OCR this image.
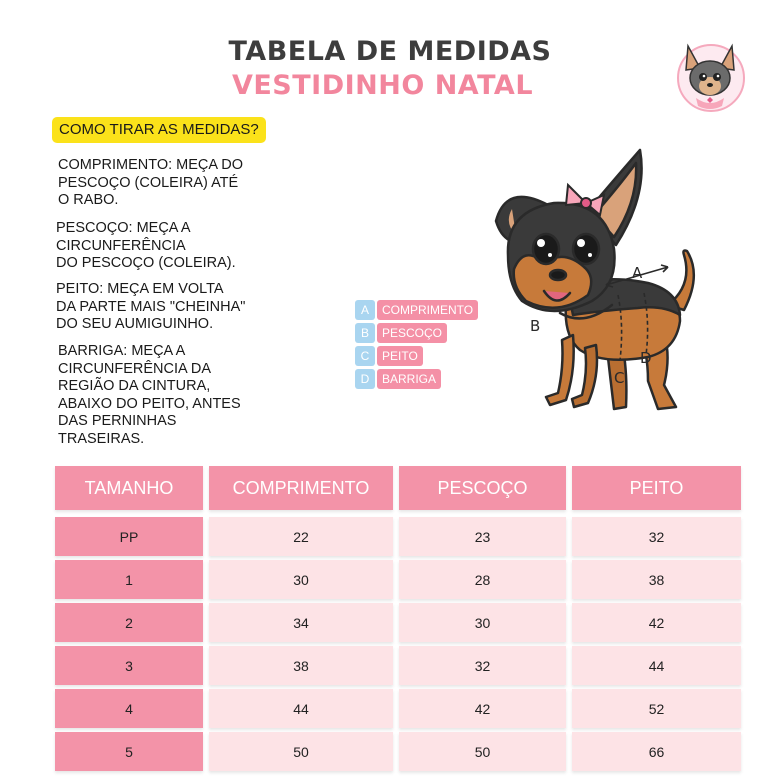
TABELA DE MEDIDAS
VESTIDINHO NATAL
COMO TIRAR AS MEDIDAS?
COMPRIMENTO: MEÇA DO
PESCOÇO (COLEIRA) ATÉ
O RABO.
PESCOÇO: MEÇA A
CIRCUNFERÊNCIA
DO PESCOÇO (COLEIRA).
PEITO: MEÇA EM VOLTA
DA PARTE MAIS "CHEINHA"
DO SEU AUMIGUINHO.
BARRIGA: MEÇA A
CIRCUNFERÊNCIA DA
REGIÃO DA CINTURA,
ABAIXO DO PEITO, ANTES
DAS PERNINHAS
TRASEIRAS.
A	COMPRIMENTO
B	PESCOÇO
C	PEITO
D	BARRIGA
A
B
C
D
TAMANHO	COMPRIMENTO	PESCOÇO	PEITO
PP	22	23	32
1	30	28	38
2	34	30	42
3	38	32	44
4	44	42	52
5	50	50	66
